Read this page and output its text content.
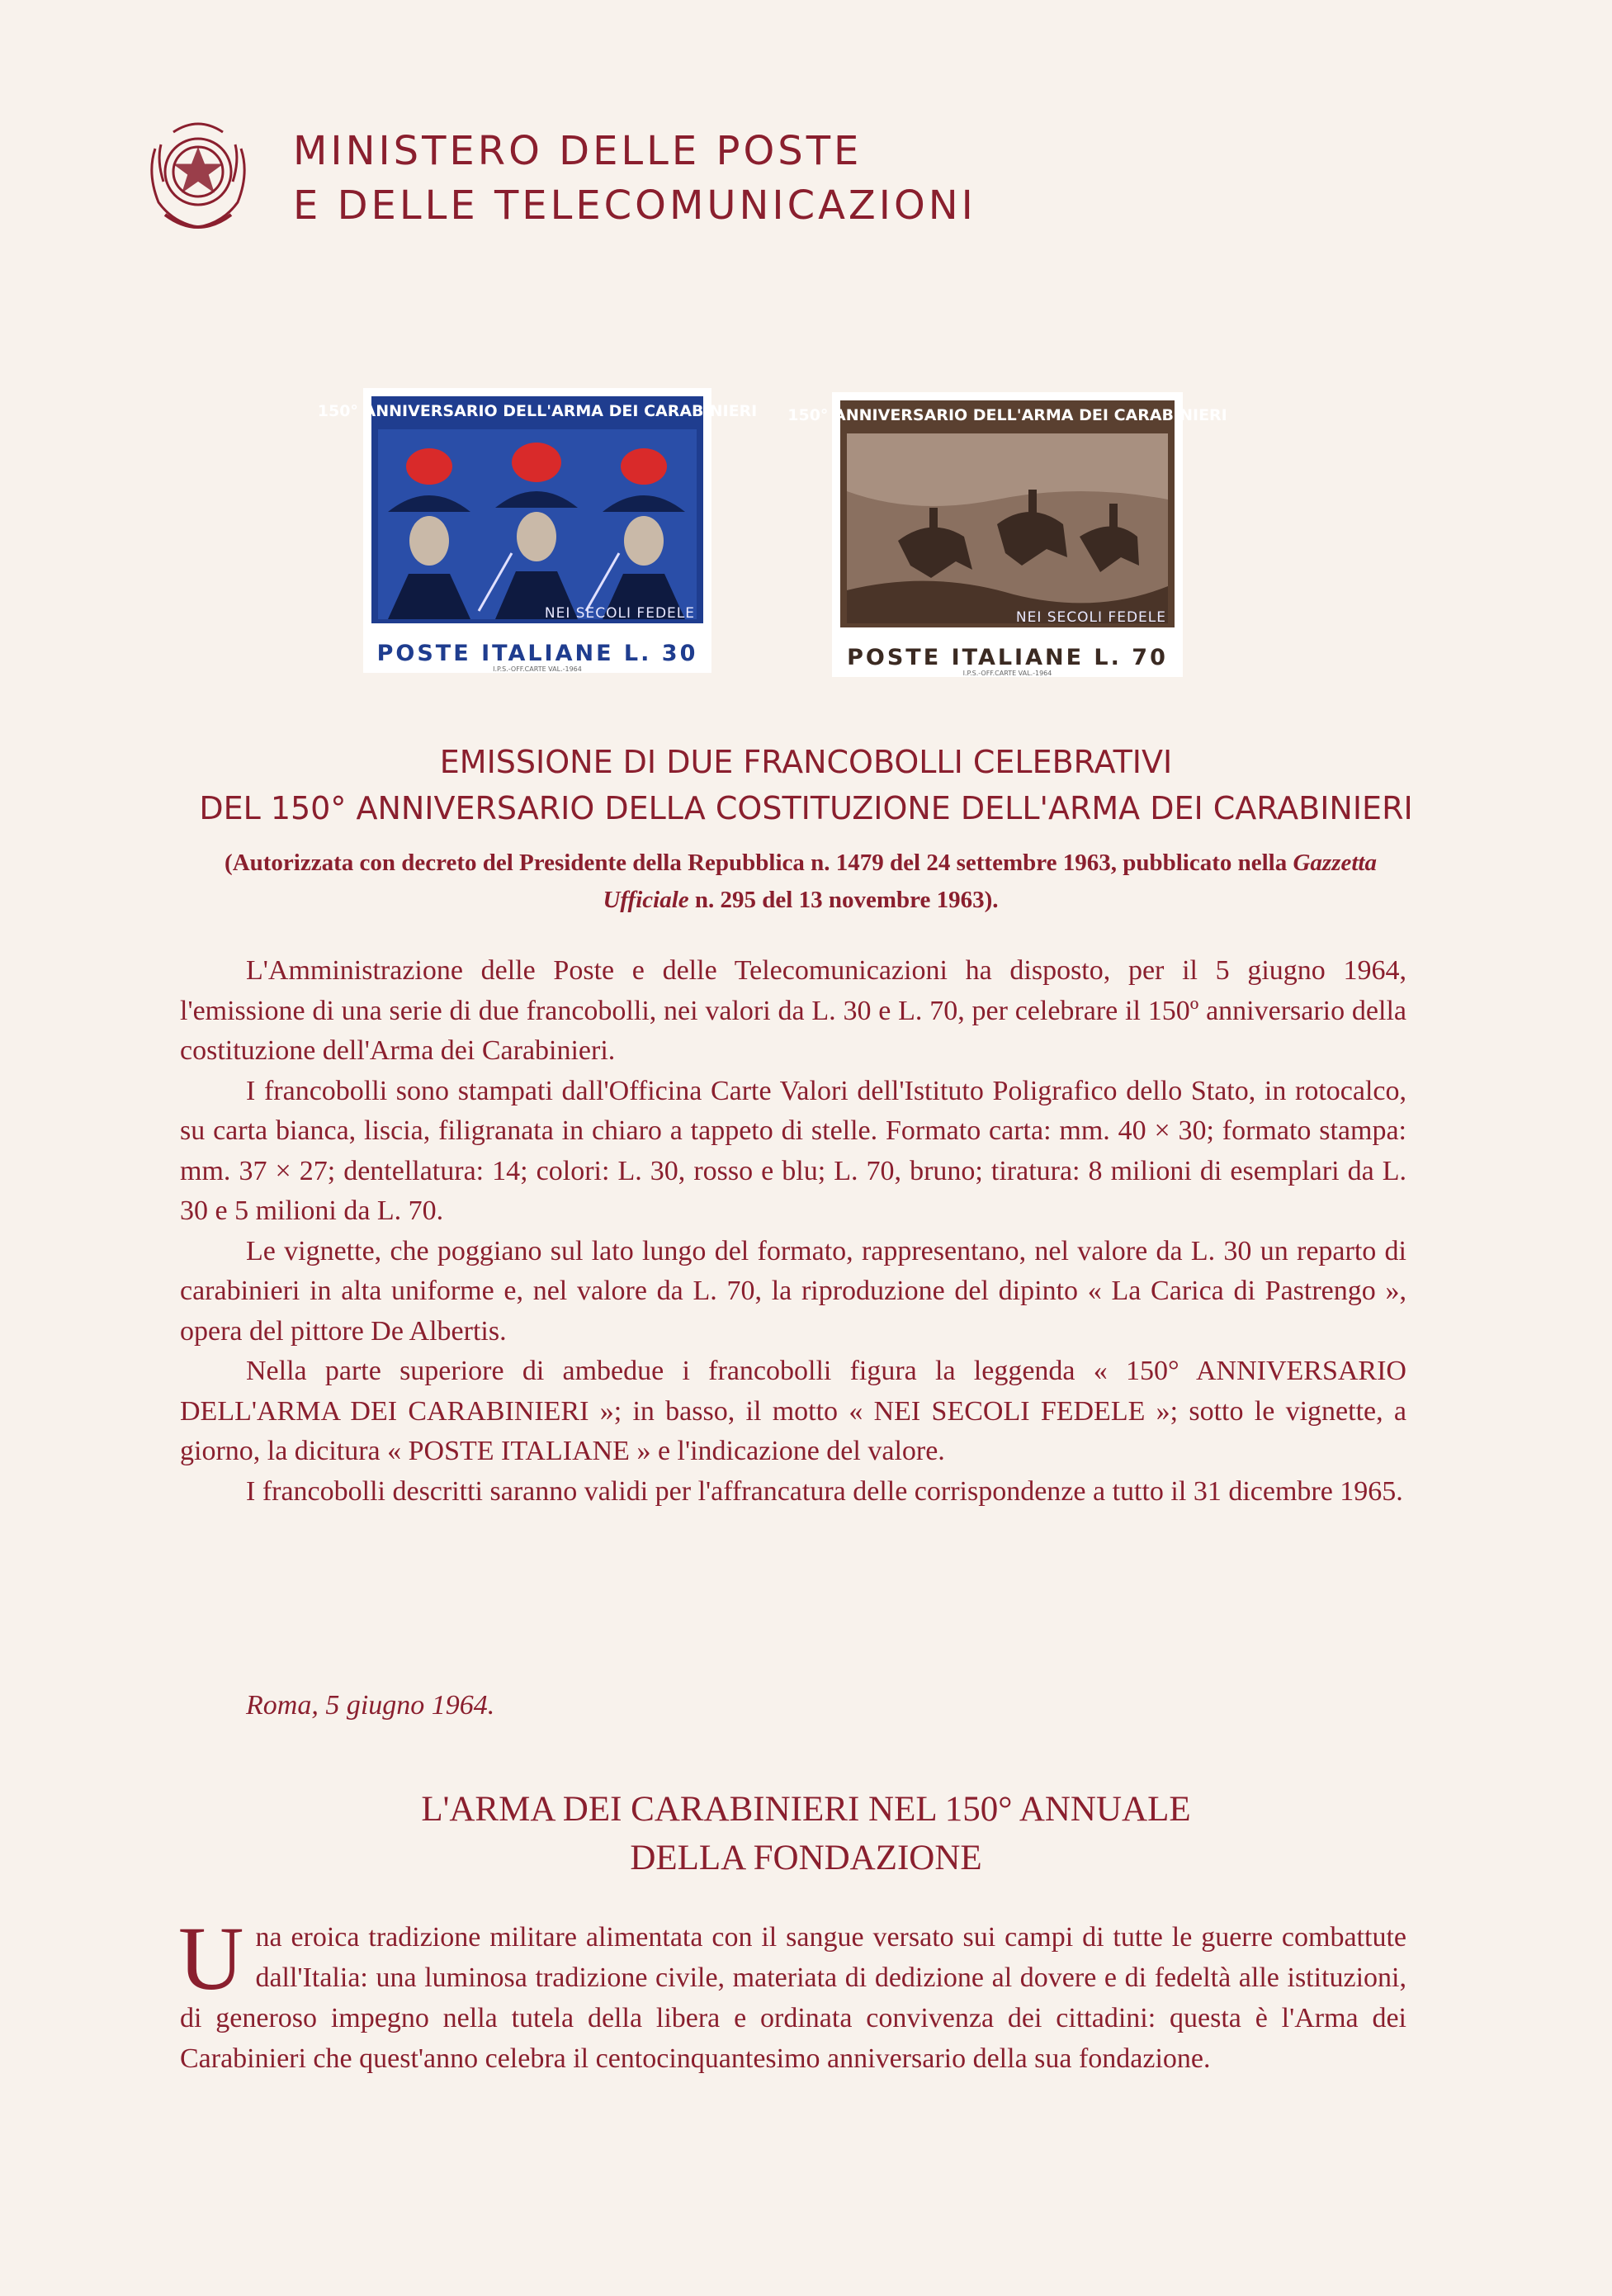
MINISTERO DELLE POSTE
E DELLE TELECOMUNICAZIONI
150° ANNIVERSARIO DELL'ARMA DEI CARABINIERI
NEI SECOLI FEDELE
POSTE ITALIANE L. 30
I.P.S.-OFF.CARTE VAL.-1964
150° ANNIVERSARIO DELL'ARMA DEI CARABINIERI
NEI SECOLI FEDELE
POSTE ITALIANE L. 70
I.P.S.-OFF.CARTE VAL.-1964
EMISSIONE DI DUE FRANCOBOLLI CELEBRATIVI
DEL 150° ANNIVERSARIO DELLA COSTITUZIONE DELL'ARMA DEI CARABINIERI
(Autorizzata con decreto del Presidente della Repubblica n. 1479 del 24 settembre 1963, pubblicato nella Gazzetta Ufficiale n. 295 del 13 novembre 1963).

L'Amministrazione delle Poste e delle Telecomunicazioni ha disposto, per il 5 giugno 1964, l'emissione di una serie di due francobolli, nei valori da L. 30 e L. 70, per celebrare il 150º anniversario della costituzione dell'Arma dei Carabinieri.

I francobolli sono stampati dall'Officina Carte Valori dell'Istituto Poligrafico dello Stato, in rotocalco, su carta bianca, liscia, filigranata in chiaro a tappeto di stelle. Formato carta: mm. 40 × 30; formato stampa: mm. 37 × 27; dentellatura: 14; colori: L. 30, rosso e blu; L. 70, bruno; tiratura: 8 milioni di esemplari da L. 30 e 5 milioni da L. 70.

Le vignette, che poggiano sul lato lungo del formato, rappresentano, nel valore da L. 30 un reparto di carabinieri in alta uniforme e, nel valore da L. 70, la riproduzione del dipinto « La Carica di Pastrengo », opera del pittore De Albertis.

Nella parte superiore di ambedue i francobolli figura la leggenda « 150° ANNIVERSARIO DELL'ARMA DEI CARABINIERI »; in basso, il motto « NEI SECOLI FEDELE »; sotto le vignette, a giorno, la dicitura « POSTE ITALIANE » e l'indicazione del valore.

I francobolli descritti saranno validi per l'affrancatura delle corrispondenze a tutto il 31 dicembre 1965.

Roma, 5 giugno 1964.
L'ARMA DEI CARABINIERI NEL 150° ANNUALE
DELLA FONDAZIONE
Una eroica tradizione militare alimentata con il sangue versato sui campi di tutte le guerre combattute dall'Italia: una luminosa tradizione civile, materiata di dedizione al dovere e di fedeltà alle istituzioni, di generoso impegno nella tutela della libera e ordinata convivenza dei cittadini: questa è l'Arma dei Carabinieri che quest'anno celebra il centocinquantesimo anniversario della sua fondazione.
